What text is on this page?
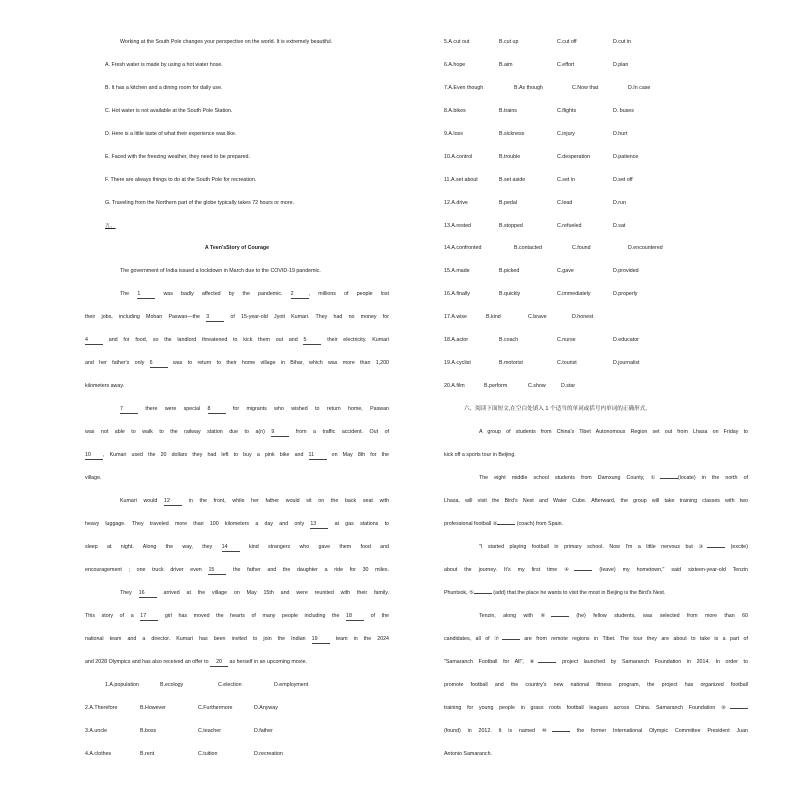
Working at the South Pole changes your perspective on the world. It is extremely beautiful.
A. Fresh water is made by using a hot water hose.
B. It has a kitchen and a dining room for daily use.
C. Hot water is not available at the South Pole Station.
D. Here is a little taste of what their experience was like.
E. Faced with the freezing weather, they need to be prepared.
F. There are always things to do at the South Pole for recreation.
G. Traveling from the Northern part of the globe typically takes 72 hours or more.
五、
A Teen'sStory of Courage
The government of India issued a lockdown in March due to the COVID-19 pandemic.
The 1	was badly affected by the pandemic. 2	, millions of people lost
their jobs, including Mohan Paswan—the 3	of 15-year-old Jyoti Kumari. They had no money for
4	and for food, so the landlord threatened to kick them out and 5	their electricity. Kumari
and her father's only 6	was to return to their home village in Bihar, which was more than 1,200
kilometers away.
7	there were special 8	for migrants who wished to return home, Paswan
was not able to walk to the railway station due to a(n) 9	from a traffic accident. Out of
10 , Kumari used the 20 dollars they had left to buy a pink bike and 11	on May 8th for the
village.
Kumari would 12	in the front, while her father would sit on the back seat with
heavy luggage. They traveled more than 100 kilometers a day and only 13	at gas stations to
sleep at night. Along the way, they 14	kind strangers who gave them food and
encouragement ; one truck driver even 15	the father and the daughter a ride for 30 miles.
They 16	arrived at the village on May 15th and were reunited with their family.
This story of a 17	girl has moved the hearts of many people including the 18	of the
national team and a director. Kumari has been invited to join the Indian 19	team in the 2024
and 2028 Olympics and has also received an offer to 20 as herself in an upcoming movie.
1.A.population	B.ecology	C.election	D.employment
2.A.Therefore	B.However	C.Furthermore	D.Anyway
3.A.uncle	B.boss	C.teacher	D.father
4.A.clothes	B.rent	C.tuition	D.recreation
5.A.cut out	B.cut up	C.cut off	D.cut in
6.A.hope	B.aim	C.effort	D.plan
7.A.Even though	B.As though	C.Now that	D.In case
8.A.bikes	B.trains	C.flights	D. buses
9.A.loss	B.sickness	C.injury	D.hurt
10.A.control	B.trouble	C.desperation	D.patience
11.A.set about	B.set aside	C.set in	D.set off
12.A.drive	B.pedal	C.lead	D.run
13.A.rested	B.stopped	C.refueled	D.sat
14.A.confronted	B.contacted	C.found	D.encountered
15.A.made	B.picked	C.gave	D.provided
16.A.finally	B.quickly	C.immediately	D.properly
17.A.wise	B.kind	C.brave	D.honest
18.A.actor	B.coach	C.nurse	D.educator
19.A.cyclist	B.motorist	C.tourist	D.journalist
20.A.film	B.perform	C.show	D.star
六、阅读下面短文,在空白处填入 1 个适当的单词或括号内单词的正确形式。
A group of students from China's Tibet Autonomous Region set out from Lhasa on Friday to
kick off a sports tour in Beijing.
The eight middle school students from Damxung County, ①	(locate) in the north of
Lhasa, will visit the Bird's Nest and Water Cube. Afterward, the group will take training classes with two
professional football ②	(coach) from Spain.
"I started playing football in primary school. Now I'm a little nervous but ③	(excite)
about the journey. It's my first time ④	(leave) my hometown," said sixteen-year-old Tenzin
Phuntsok, ⑤	(add) that the place he wants to visit the most in Beijing is the Bird's Nest.
Tenzin, along with ⑥	(he) fellow students, was selected from more than 60
candidates, all of ⑦	are from remote regions in Tibet. The tour they are about to take is a part of
"Samaranch Football for All", ⑧	project launched by Samaranch Foundation in 2014. In order to
promote football and the country's new national fitness program, the project has organized football
training for young people in grass roots football leagues across China. Samaranch Foundation ⑨
(found) in 2012. It is named ⑩	the former International Olympic Committee President Juan
Antonio Samaranch.
